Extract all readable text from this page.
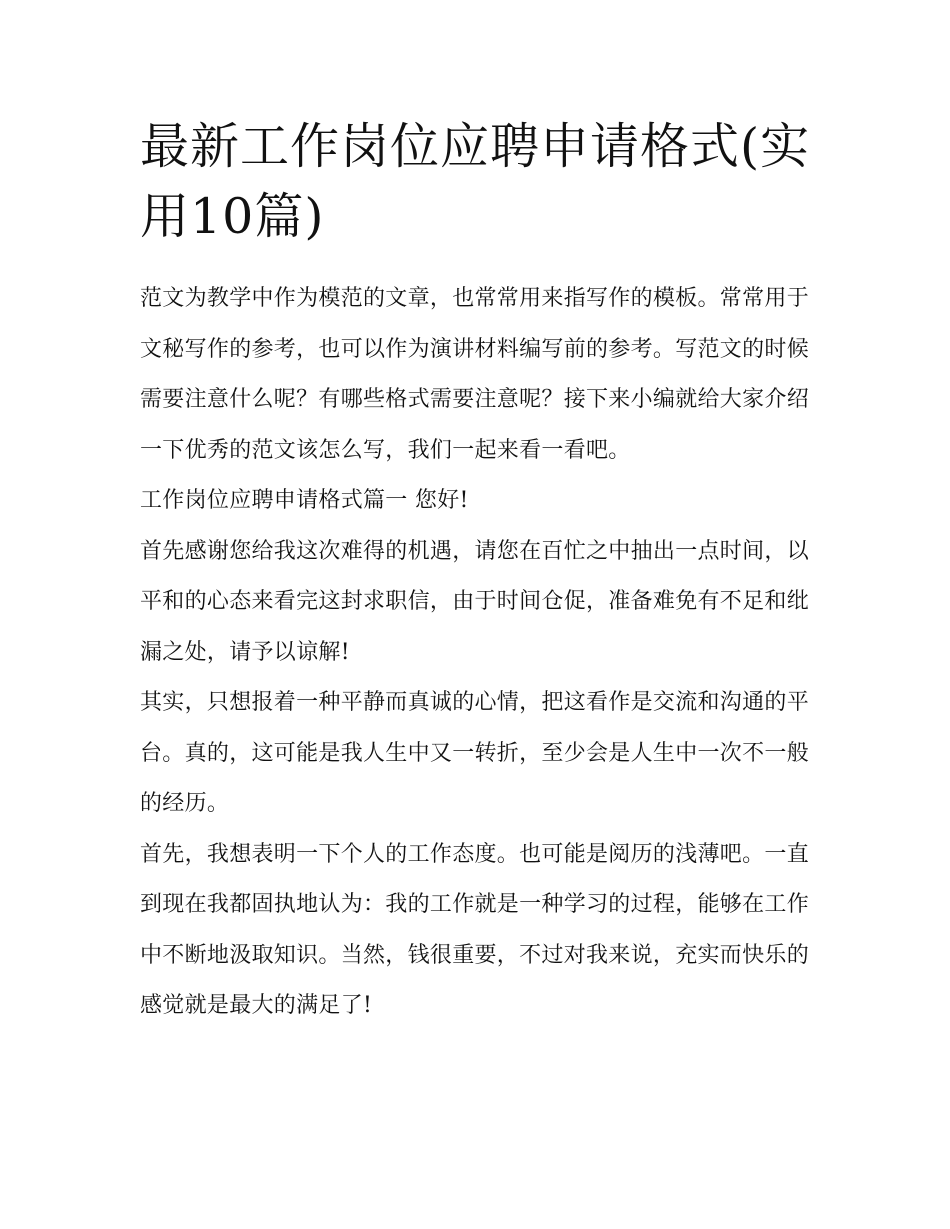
最新工作岗位应聘申请格式(实用10篇)

范文为教学中作为模范的文章，也常常用来指写作的模板。常常用于文秘写作的参考，也可以作为演讲材料编写前的参考。写范文的时候需要注意什么呢？有哪些格式需要注意呢？接下来小编就给大家介绍一下优秀的范文该怎么写，我们一起来看一看吧。

工作岗位应聘申请格式篇一 您好!

首先感谢您给我这次难得的机遇，请您在百忙之中抽出一点时间，以平和的心态来看完这封求职信，由于时间仓促，准备难免有不足和纰漏之处，请予以谅解!

其实，只想报着一种平静而真诚的心情，把这看作是交流和沟通的平台。真的，这可能是我人生中又一转折，至少会是人生中一次不一般的经历。

首先，我想表明一下个人的工作态度。也可能是阅历的浅薄吧。一直到现在我都固执地认为：我的工作就是一种学习的过程，能够在工作中不断地汲取知识。当然，钱很重要，不过对我来说，充实而快乐的感觉就是最大的满足了!
